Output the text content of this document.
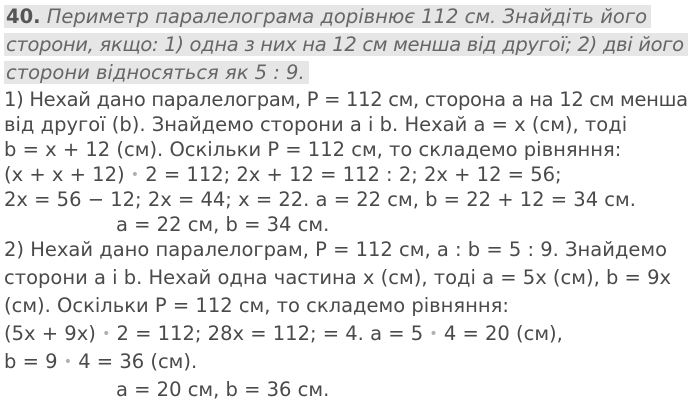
40. Периметр паралелограма дорівнює 112 см. Знайдіть його
сторони, якщо: 1) одна з них на 12 см менша від другої; 2) дві його
сторони відносяться як 5 : 9.
1) Нехай дано паралелограм, Р = 112 см, сторона а на 12 см менша
від другої (b). Знайдемо сторони а і b. Нехай а = х (см), тоді
b = х + 12 (см). Оскільки Р = 112 см, то складемо рівняння:
(х + х + 12) • 2 = 112; 2х + 12 = 112 : 2; 2х + 12 = 56;
2х = 56 − 12; 2х = 44; х = 22. а = 22 см, b = 22 + 12 = 34 см.
а = 22 см, b = 34 см.
2) Нехай дано паралелограм, Р = 112 см, а : b = 5 : 9. Знайдемо
сторони а і b. Нехай одна частина х (см), тоді а = 5х (см), b = 9х
(см). Оскільки Р = 112 см, то складемо рівняння:
(5х + 9х) • 2 = 112; 28х = 112; = 4. а = 5 • 4 = 20 (см),
b = 9 • 4 = 36 (см).
а = 20 см, b = 36 см.
